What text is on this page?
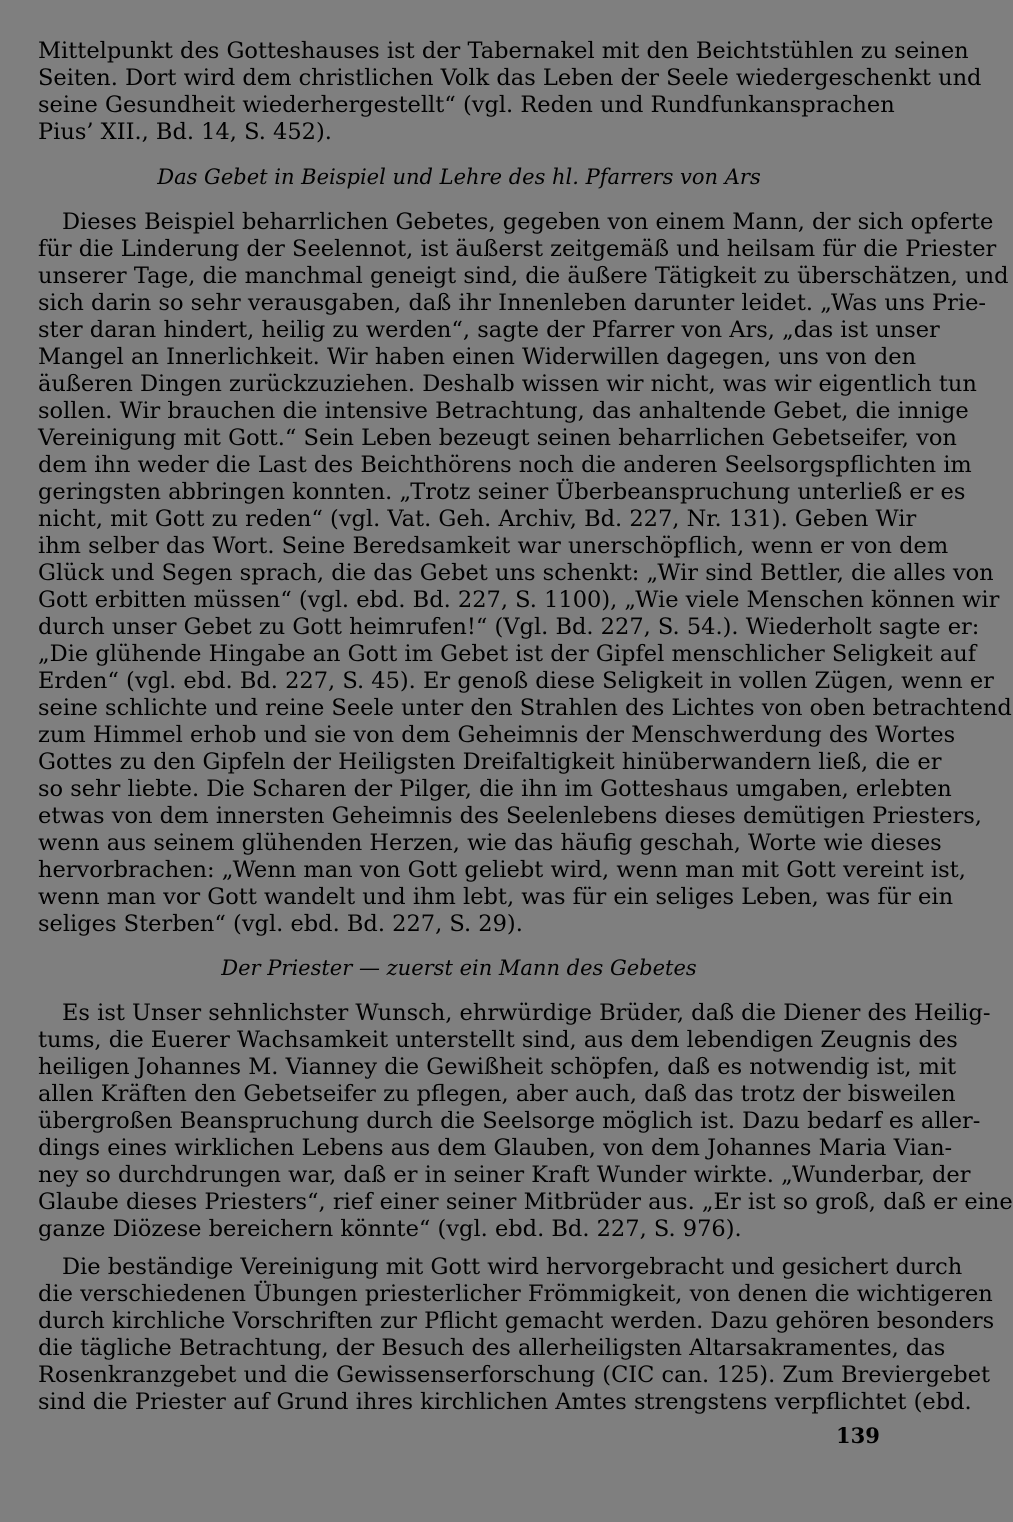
Mittelpunkt des Gotteshauses ist der Tabernakel mit den Beichtstühlen zu seinen
Seiten. Dort wird dem christlichen Volk das Leben der Seele wiedergeschenkt und
seine Gesundheit wiederhergestellt“ (vgl. Reden und Rundfunkansprachen
Pius’ XII., Bd. 14, S. 452).
Das Gebet in Beispiel und Lehre des hl. Pfarrers von Ars
Dieses Beispiel beharrlichen Gebetes, gegeben von einem Mann, der sich opferte
für die Linderung der Seelennot, ist äußerst zeitgemäß und heilsam für die Priester
unserer Tage, die manchmal geneigt sind, die äußere Tätigkeit zu überschätzen, und
sich darin so sehr verausgaben, daß ihr Innenleben darunter leidet. „Was uns Prie-
ster daran hindert, heilig zu werden“, sagte der Pfarrer von Ars, „das ist unser
Mangel an Innerlichkeit. Wir haben einen Widerwillen dagegen, uns von den
äußeren Dingen zurückzuziehen. Deshalb wissen wir nicht, was wir eigentlich tun
sollen. Wir brauchen die intensive Betrachtung, das anhaltende Gebet, die innige
Vereinigung mit Gott.“ Sein Leben bezeugt seinen beharrlichen Gebetseifer, von
dem ihn weder die Last des Beichthörens noch die anderen Seelsorgspflichten im
geringsten abbringen konnten. „Trotz seiner Überbeanspruchung unterließ er es
nicht, mit Gott zu reden“ (vgl. Vat. Geh. Archiv, Bd. 227, Nr. 131). Geben Wir
ihm selber das Wort. Seine Beredsamkeit war unerschöpflich, wenn er von dem
Glück und Segen sprach, die das Gebet uns schenkt: „Wir sind Bettler, die alles von
Gott erbitten müssen“ (vgl. ebd. Bd. 227, S. 1100), „Wie viele Menschen können wir
durch unser Gebet zu Gott heimrufen!“ (Vgl. Bd. 227, S. 54.). Wiederholt sagte er:
„Die glühende Hingabe an Gott im Gebet ist der Gipfel menschlicher Seligkeit auf
Erden“ (vgl. ebd. Bd. 227, S. 45). Er genoß diese Seligkeit in vollen Zügen, wenn er
seine schlichte und reine Seele unter den Strahlen des Lichtes von oben betrachtend
zum Himmel erhob und sie von dem Geheimnis der Menschwerdung des Wortes
Gottes zu den Gipfeln der Heiligsten Dreifaltigkeit hinüberwandern ließ, die er
so sehr liebte. Die Scharen der Pilger, die ihn im Gotteshaus umgaben, erlebten
etwas von dem innersten Geheimnis des Seelenlebens dieses demütigen Priesters,
wenn aus seinem glühenden Herzen, wie das häufig geschah, Worte wie dieses
hervorbrachen: „Wenn man von Gott geliebt wird, wenn man mit Gott vereint ist,
wenn man vor Gott wandelt und ihm lebt, was für ein seliges Leben, was für ein
seliges Sterben“ (vgl. ebd. Bd. 227, S. 29).
Der Priester — zuerst ein Mann des Gebetes
Es ist Unser sehnlichster Wunsch, ehrwürdige Brüder, daß die Diener des Heilig-
tums, die Euerer Wachsamkeit unterstellt sind, aus dem lebendigen Zeugnis des
heiligen Johannes M. Vianney die Gewißheit schöpfen, daß es notwendig ist, mit
allen Kräften den Gebetseifer zu pflegen, aber auch, daß das trotz der bisweilen
übergroßen Beanspruchung durch die Seelsorge möglich ist. Dazu bedarf es aller-
dings eines wirklichen Lebens aus dem Glauben, von dem Johannes Maria Vian-
ney so durchdrungen war, daß er in seiner Kraft Wunder wirkte. „Wunderbar, der
Glaube dieses Priesters“, rief einer seiner Mitbrüder aus. „Er ist so groß, daß er eine
ganze Diözese bereichern könnte“ (vgl. ebd. Bd. 227, S. 976).
Die beständige Vereinigung mit Gott wird hervorgebracht und gesichert durch
die verschiedenen Übungen priesterlicher Frömmigkeit, von denen die wichtigeren
durch kirchliche Vorschriften zur Pflicht gemacht werden. Dazu gehören besonders
die tägliche Betrachtung, der Besuch des allerheiligsten Altarsakramentes, das
Rosenkranzgebet und die Gewissenserforschung (CIC can. 125). Zum Breviergebet
sind die Priester auf Grund ihres kirchlichen Amtes strengstens verpflichtet (ebd.
139
